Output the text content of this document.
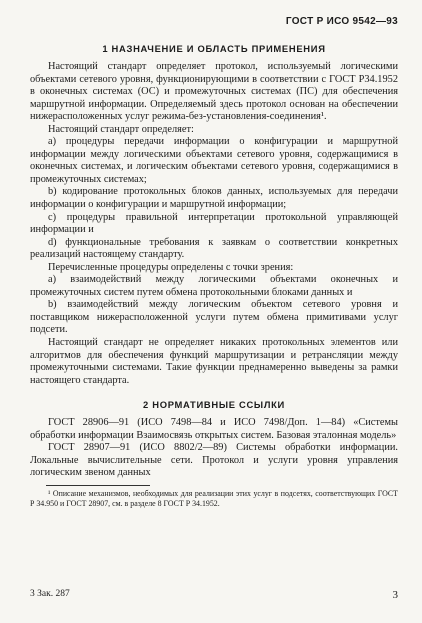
ГОСТ Р ИСО 9542—93
1 НАЗНАЧЕНИЕ И ОБЛАСТЬ ПРИМЕНЕНИЯ

Настоящий стандарт определяет протокол, используемый логическими объектами сетевого уровня, функционирующими в соответствии с ГОСТ Р34.1952 в оконечных системах (ОС) и промежуточных системах (ПС) для обеспечения маршрутной информации. Определяемый здесь протокол основан на обеспечении нижерасположенных услуг режима-без-установления-соединения¹.

Настоящий стандарт определяет:

а) процедуры передачи информации о конфигурации и маршрутной информации между логическими объектами сетевого уровня, содержащимися в оконечных системах, и логическим объектами сетевого уровня, содержащимися в промежуточных системах;

b) кодирование протокольных блоков данных, используемых для передачи информации о конфигурации и маршрутной информации;

с) процедуры правильной интерпретации протокольной управляющей информации и

d) функциональные требования к заявкам о соответствии конкретных реализаций настоящему стандарту.

Перечисленные процедуры определены с точки зрения:

а) взаимодействий между логическими объектами оконечных и промежуточных систем путем обмена протокольными блоками данных и

b) взаимодействий между логическим объектом сетевого уровня и поставщиком нижерасположенной услуги путем обмена примитивами услуг подсети.

Настоящий стандарт не определяет никаких протокольных элементов или алгоритмов для обеспечения функций маршрутизации и ретрансляции между промежуточными системами. Такие функции преднамеренно выведены за рамки настоящего стандарта.

2 НОРМАТИВНЫЕ ССЫЛКИ

ГОСТ 28906—91 (ИСО 7498—84 и ИСО 7498/Доп. 1—84) «Системы обработки информации Взаимосвязь открытых систем. Базовая эталонная модель»

ГОСТ 28907—91 (ИСО 8802/2—89) Системы обработки информации. Локальные вычислительные сети. Протокол и услуги уровня управления логическим звеном данных

¹ Описание механизмов, необходимых для реализации этих услуг в подсетях, соответствующих ГОСТ Р 34.950 и ГОСТ 28907, см. в разделе 8 ГОСТ Р 34.1952.

3 Зак. 287	3
